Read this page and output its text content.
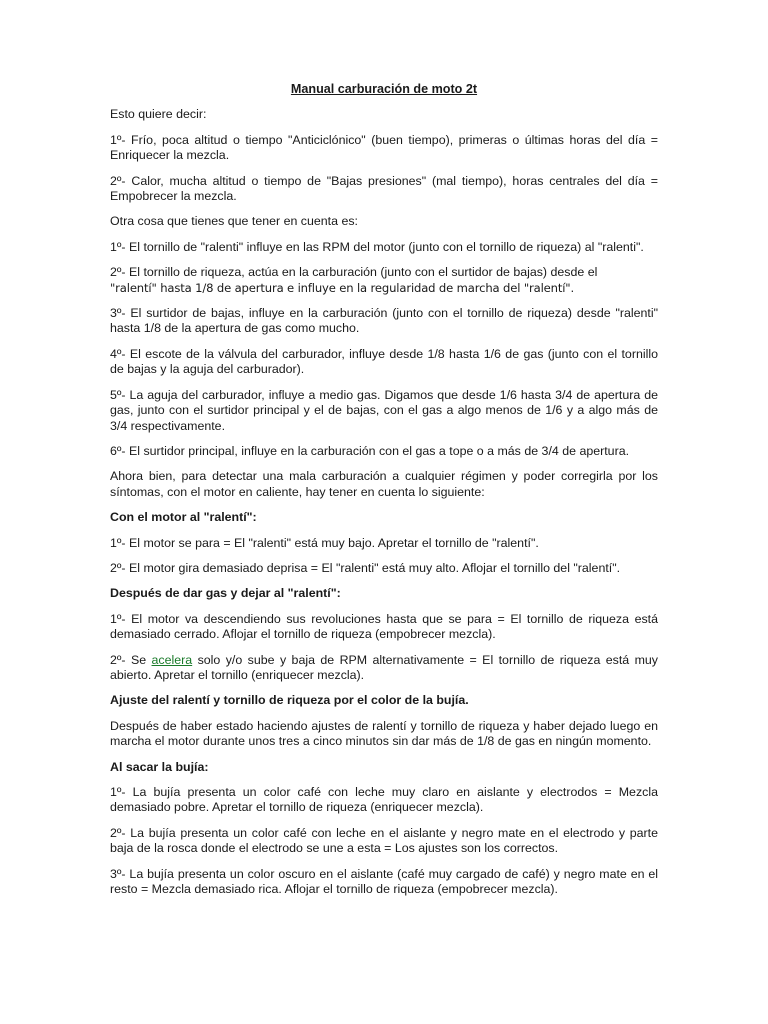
Manual carburación de moto 2t

Esto quiere decir:

1º- Frío, poca altitud o tiempo "Anticiclónico" (buen tiempo), primeras o últimas horas del día = Enriquecer la mezcla.

2º- Calor, mucha altitud o tiempo de "Bajas presiones" (mal tiempo), horas centrales del día = Empobrecer la mezcla.

Otra cosa que tienes que tener en cuenta es:

1º- El tornillo de "ralenti" influye en las RPM del motor (junto con el tornillo de riqueza) al "ralenti".

2º- El tornillo de riqueza, actúa en la carburación (junto con el surtidor de bajas) desde el
"ralentí" hasta 1/8 de apertura e influye en la regularidad de marcha del "ralentí".

3º- El surtidor de bajas, influye en la carburación (junto con el tornillo de riqueza) desde "ralenti" hasta 1/8 de la apertura de gas como mucho.

4º- El escote de la válvula del carburador, influye desde 1/8 hasta 1/6 de gas (junto con el tornillo de bajas y la aguja del carburador).

5º- La aguja del carburador, influye a medio gas. Digamos que desde 1/6 hasta 3/4 de apertura de gas, junto con el surtidor principal y el de bajas, con el gas a algo menos de 1/6 y a algo más de 3/4 respectivamente.

6º- El surtidor principal, influye en la carburación con el gas a tope o a más de 3/4 de apertura.

Ahora bien, para detectar una mala carburación a cualquier régimen y poder corregirla por los síntomas, con el motor en caliente, hay tener en cuenta lo siguiente:

Con el motor al "ralentí":

1º- El motor se para = El "ralenti" está muy bajo. Apretar el tornillo de "ralentí".

2º- El motor gira demasiado deprisa = El "ralenti" está muy alto. Aflojar el tornillo del "ralentí".

Después de dar gas y dejar al "ralentí":

1º- El motor va descendiendo sus revoluciones hasta que se para = El tornillo de riqueza está demasiado cerrado. Aflojar el tornillo de riqueza (empobrecer mezcla).

2º- Se acelera solo y/o sube y baja de RPM alternativamente = El tornillo de riqueza está muy abierto. Apretar el tornillo (enriquecer mezcla).

Ajuste del ralentí y tornillo de riqueza por el color de la bujía.

Después de haber estado haciendo ajustes de ralentí y tornillo de riqueza y haber dejado luego en marcha el motor durante unos tres a cinco minutos sin dar más de 1/8 de gas en ningún momento.

Al sacar la bujía:

1º- La bujía presenta un color café con leche muy claro en aislante y electrodos = Mezcla demasiado pobre. Apretar el tornillo de riqueza (enriquecer mezcla).

2º- La bujía presenta un color café con leche en el aislante y negro mate en el electrodo y parte baja de la rosca donde el electrodo se une a esta = Los ajustes son los correctos.

3º- La bujía presenta un color oscuro en el aislante (café muy cargado de café) y negro mate en el resto = Mezcla demasiado rica. Aflojar el tornillo de riqueza (empobrecer mezcla).
